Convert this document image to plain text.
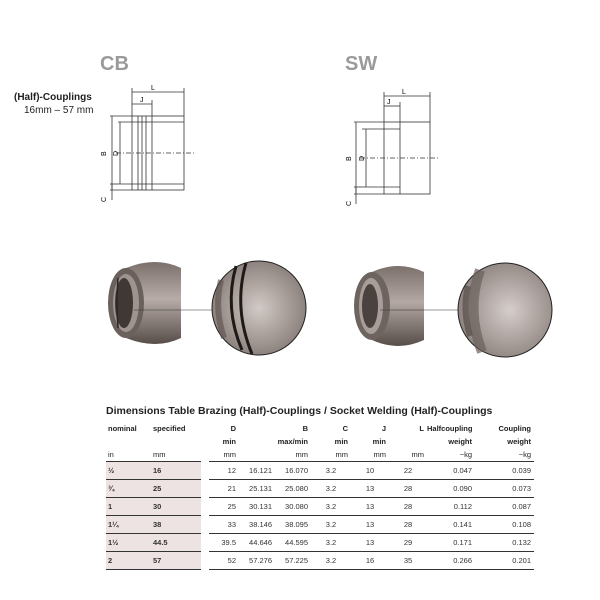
CB	SW
(Half)-Couplings
16mm – 57 mm
L
J
B D
C
L
J
B D
C
Dimensions Table Brazing (Half)-Couplings / Socket Welding (Half)-Couplings
nominal	specified		D		B	C	J	L	Halfcoupling	Coupling
			min		max/min	min	min		weight	weight
in	mm		mm		mm	mm	mm	mm	~kg	~kg
½	16		12	16.121	16.070	3.2	10	22	0.047	0.039
¾	25		21	25.131	25.080	3.2	13	28	0.090	0.073
1	30		25	30.131	30.080	3.2	13	28	0.112	0.087
1¼	38		33	38.146	38.095	3.2	13	28	0.141	0.108
1½	44.5		39.5	44.646	44.595	3.2	13	29	0.171	0.132
2	57		52	57.276	57.225	3.2	16	35	0.266	0.201
